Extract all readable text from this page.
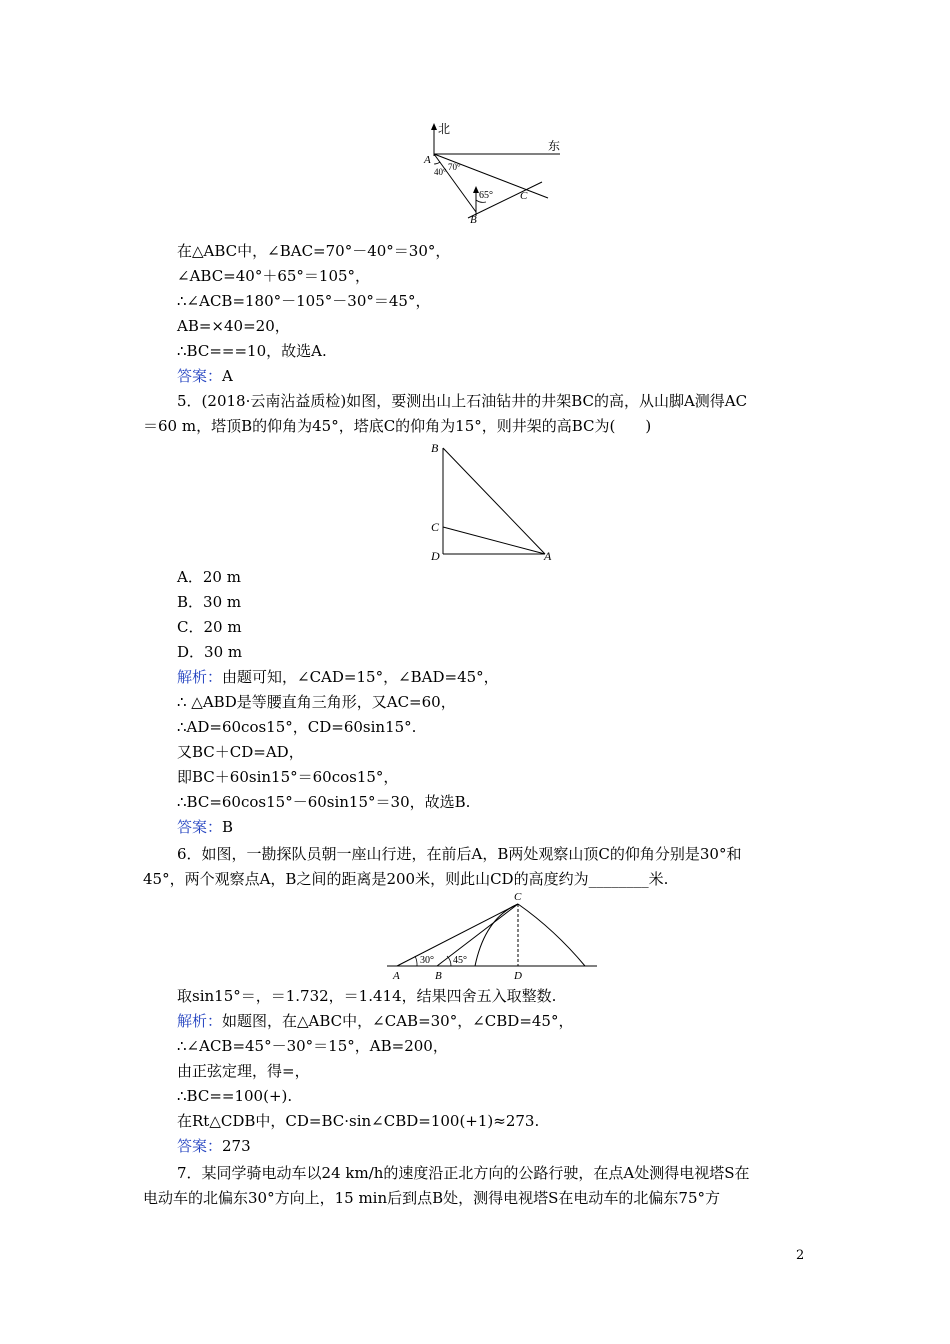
北
东
A
40° 70°
65°
B
C
在△ABC中，∠BAC=70°－40°＝30°，
∠ABC=40°＋65°＝105°，
∴∠ACB=180°－105°－30°＝45°，
AB=×40=20，
∴BC===10，故选A.
答案：A
5．(2018·云南沾益质检)如图，要测出山上石油钻井的井架BC的高，从山脚A测得AC
＝60 m，塔顶B的仰角为45°，塔底C的仰角为15°，则井架的高BC为(　　)
B
C
D	A
A．20 m
B．30 m
C．20 m
D．30 m
解析：由题可知，∠CAD=15°，∠BAD=45°，
∴ △ABD是等腰直角三角形，又AC=60，
∴AD=60cos15°，CD=60sin15°.
又BC＋CD=AD，
即BC＋60sin15°＝60cos15°，
∴BC=60cos15°－60sin15°＝30，故选B.
答案：B
6．如图，一勘探队员朝一座山行进，在前后A，B两处观察山顶C的仰角分别是30°和
45°，两个观察点A，B之间的距离是200米，则此山CD的高度约为________米.
C
A	B	D
30° 45°
取sin15°＝，＝1.732，＝1.414，结果四舍五入取整数.
解析：如题图，在△ABC中，∠CAB=30°，∠CBD=45°，
∴∠ACB=45°－30°＝15°，AB=200，
由正弦定理，得=，
∴BC==100(+).
在Rt△CDB中，CD=BC·sin∠CBD=100(+1)≈273.
答案：273
7．某同学骑电动车以24 km/h的速度沿正北方向的公路行驶，在点A处测得电视塔S在
电动车的北偏东30°方向上，15 min后到点B处，测得电视塔S在电动车的北偏东75°方
2
